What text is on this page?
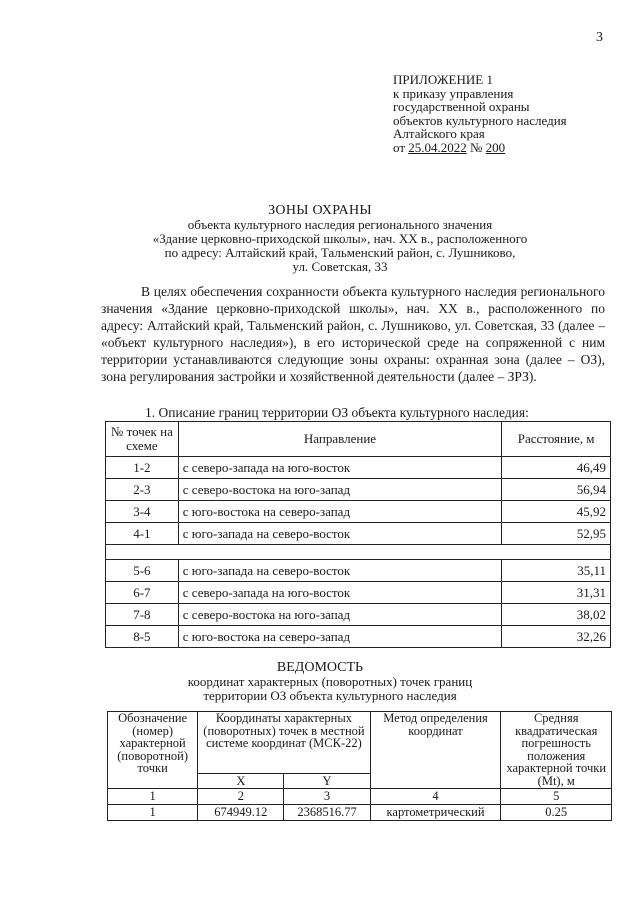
3
ПРИЛОЖЕНИЕ 1
к приказу управления
государственной охраны
объектов культурного наследия
Алтайского края
от 25.04.2022 № 200
ЗОНЫ ОХРАНЫ
объекта культурного наследия регионального значения
«Здание церковно-приходской школы», нач. XX в., расположенного
по адресу: Алтайский край, Тальменский район, с. Лушниково,
ул. Советская, 33

В целях обеспечения сохранности объекта культурного наследия регионального значения «Здание церковно-приходской школы», нач. XX в., расположенного по адресу: Алтайский край, Тальменский район, с. Лушниково, ул. Советская, 33 (далее – «объект культурного наследия»), в его исторической среде на сопряженной с ним территории устанавливаются следующие зоны охраны: охранная зона (далее – ОЗ), зона регулирования застройки и хозяйственной деятельности (далее – ЗРЗ).

1. Описание границ территории ОЗ объекта культурного наследия:
№ точек на схеме	Направление	Расстояние, м
1-2	с северо-запада на юго-восток	46,49
2-3	с северо-востока на юго-запад	56,94
3-4	с юго-востока на северо-запад	45,92
4-1	с юго-запада на северо-восток	52,95

5-6	с юго-запада на северо-восток	35,11
6-7	с северо-запада на юго-восток	31,31
7-8	с северо-востока на юго-запад	38,02
8-5	с юго-востока на северо-запад	32,26
ВЕДОМОСТЬ
координат характерных (поворотных) точек границ
территории ОЗ объекта культурного наследия
Обозначение (номер) характерной (поворотной) точки	Координаты характерных (поворотных) точек в местной системе координат (МСК-22)		Метод определения координат	Средняя квадратическая погрешность положения характерной точки (Mt), м
	X	Y		
1	2	3	4	5
1	674949.12	2368516.77	картометрический	0.25
